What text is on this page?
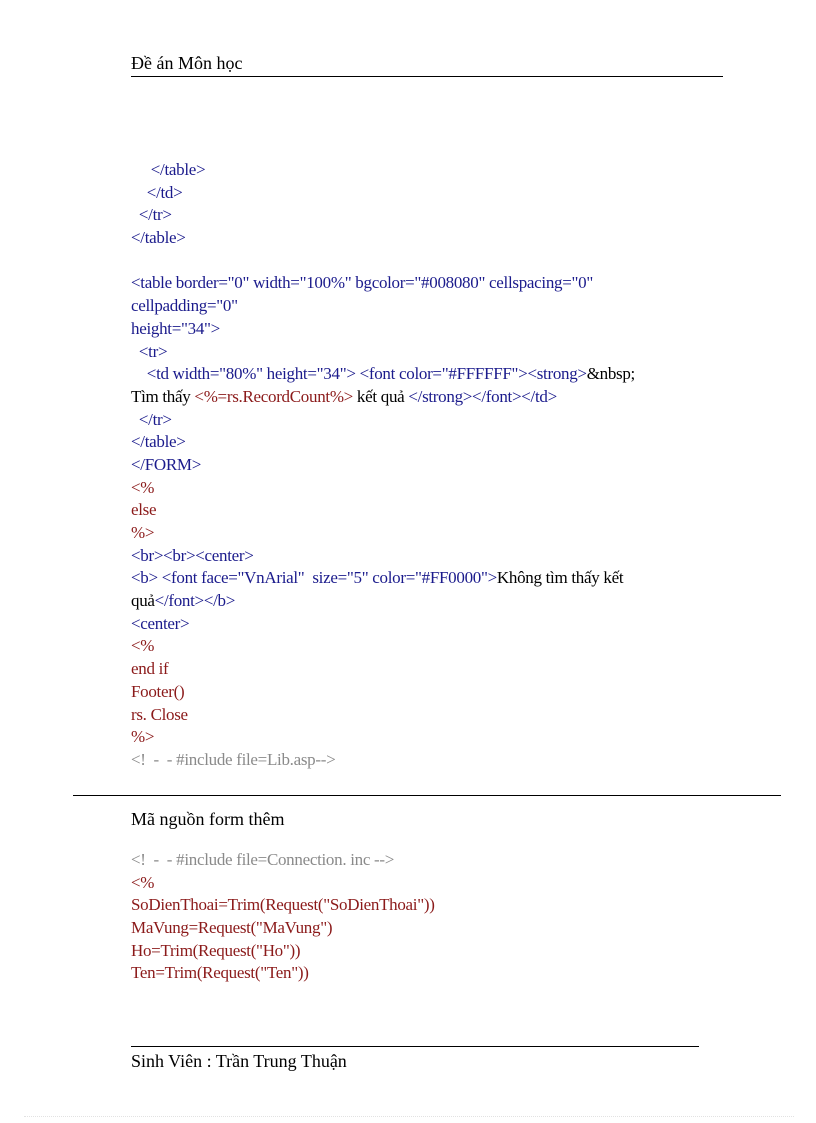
Đề án Môn học
</table>
</td>
</tr>
</table>
<table border="0" width="100%" bgcolor="#008080" cellspacing="0"
cellpadding="0"
height="34">
<tr>
<td width="80%" height="34"> <font color="#FFFFFF"><strong>&nbsp;
Tìm thấy <%=rs.RecordCount%> kết quả </strong></font></td>
</tr>
</table>
</FORM>
<%
else
%>
<br><br><center>
<b> <font face="VnArial"  size="5" color="#FF0000">Không tìm thấy kết
quả</font></b>
<center>
<%
end if
Footer()
rs. Close
%>
<!  -  - #include file=Lib.asp-->
Mã nguồn form thêm
<!  -  - #include file=Connection. inc -->
<%
SoDienThoai=Trim(Request("SoDienThoai"))
MaVung=Request("MaVung")
Ho=Trim(Request("Ho"))
Ten=Trim(Request("Ten"))
Sinh Viên : Trần Trung Thuận
